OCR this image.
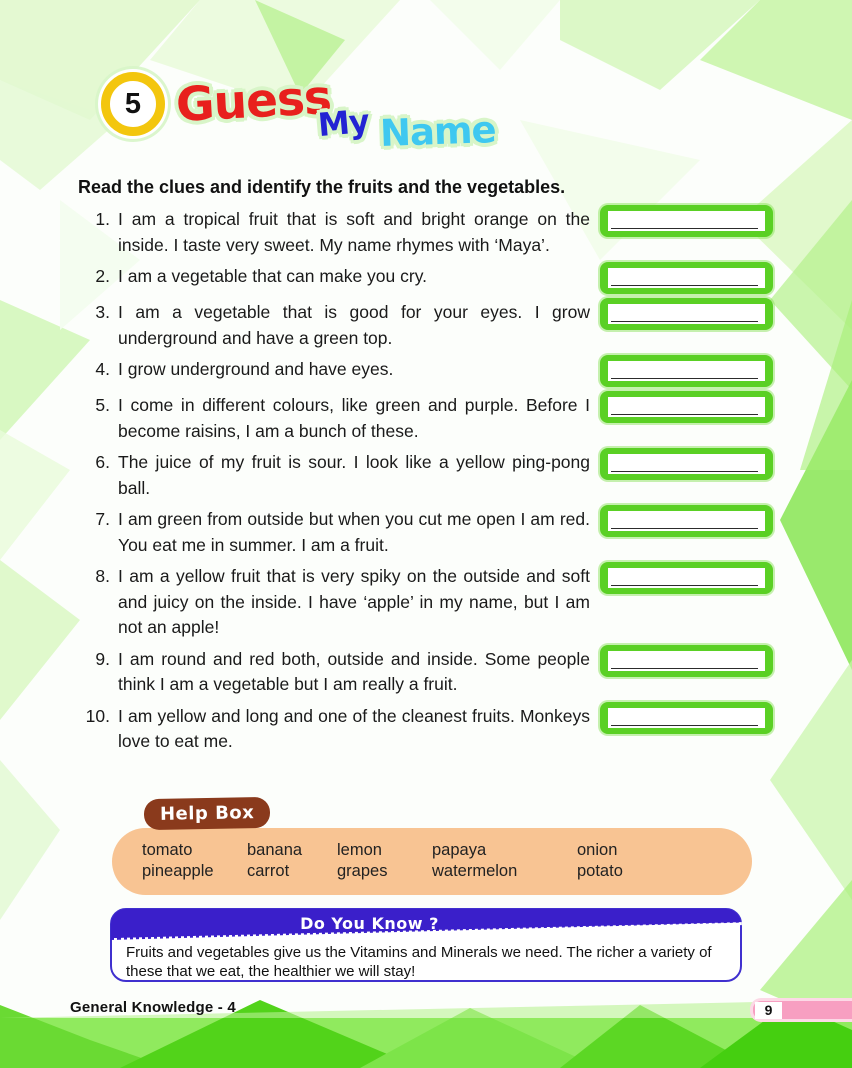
5 Guess
My Name

Read the clues and identify the fruits and the vegetables.

1. I am a tropical fruit that is soft and bright orange on the inside. I taste very sweet. My name rhymes with ‘Maya’.
2. I am a vegetable that can make you cry.
3. I am a vegetable that is good for your eyes. I grow underground and have a green top.
4. I grow underground and have eyes.
5. I come in different colours, like green and purple. Before I become raisins, I am a bunch of these.
6. The juice of my fruit is sour. I look like a yellow ping-pong ball.
7. I am green from outside but when you cut me open I am red. You eat me in summer. I am a fruit.
8. I am a yellow fruit that is very spiky on the outside and soft and juicy on the inside. I have ‘apple’ in my name, but I am not an apple!
9. I am round and red both, outside and inside. Some people think I am a vegetable but I am really a fruit.
10. I am yellow and long and one of the cleanest fruits. Monkeys love to eat me.
Help Box
tomato	banana	lemon	papaya	onion
pineapple	carrot	grapes	watermelon	potato
Do You Know ?

Fruits and vegetables give us the Vitamins and Minerals we need. The richer a variety of these that we eat, the healthier we will stay!

General Knowledge - 4	9
